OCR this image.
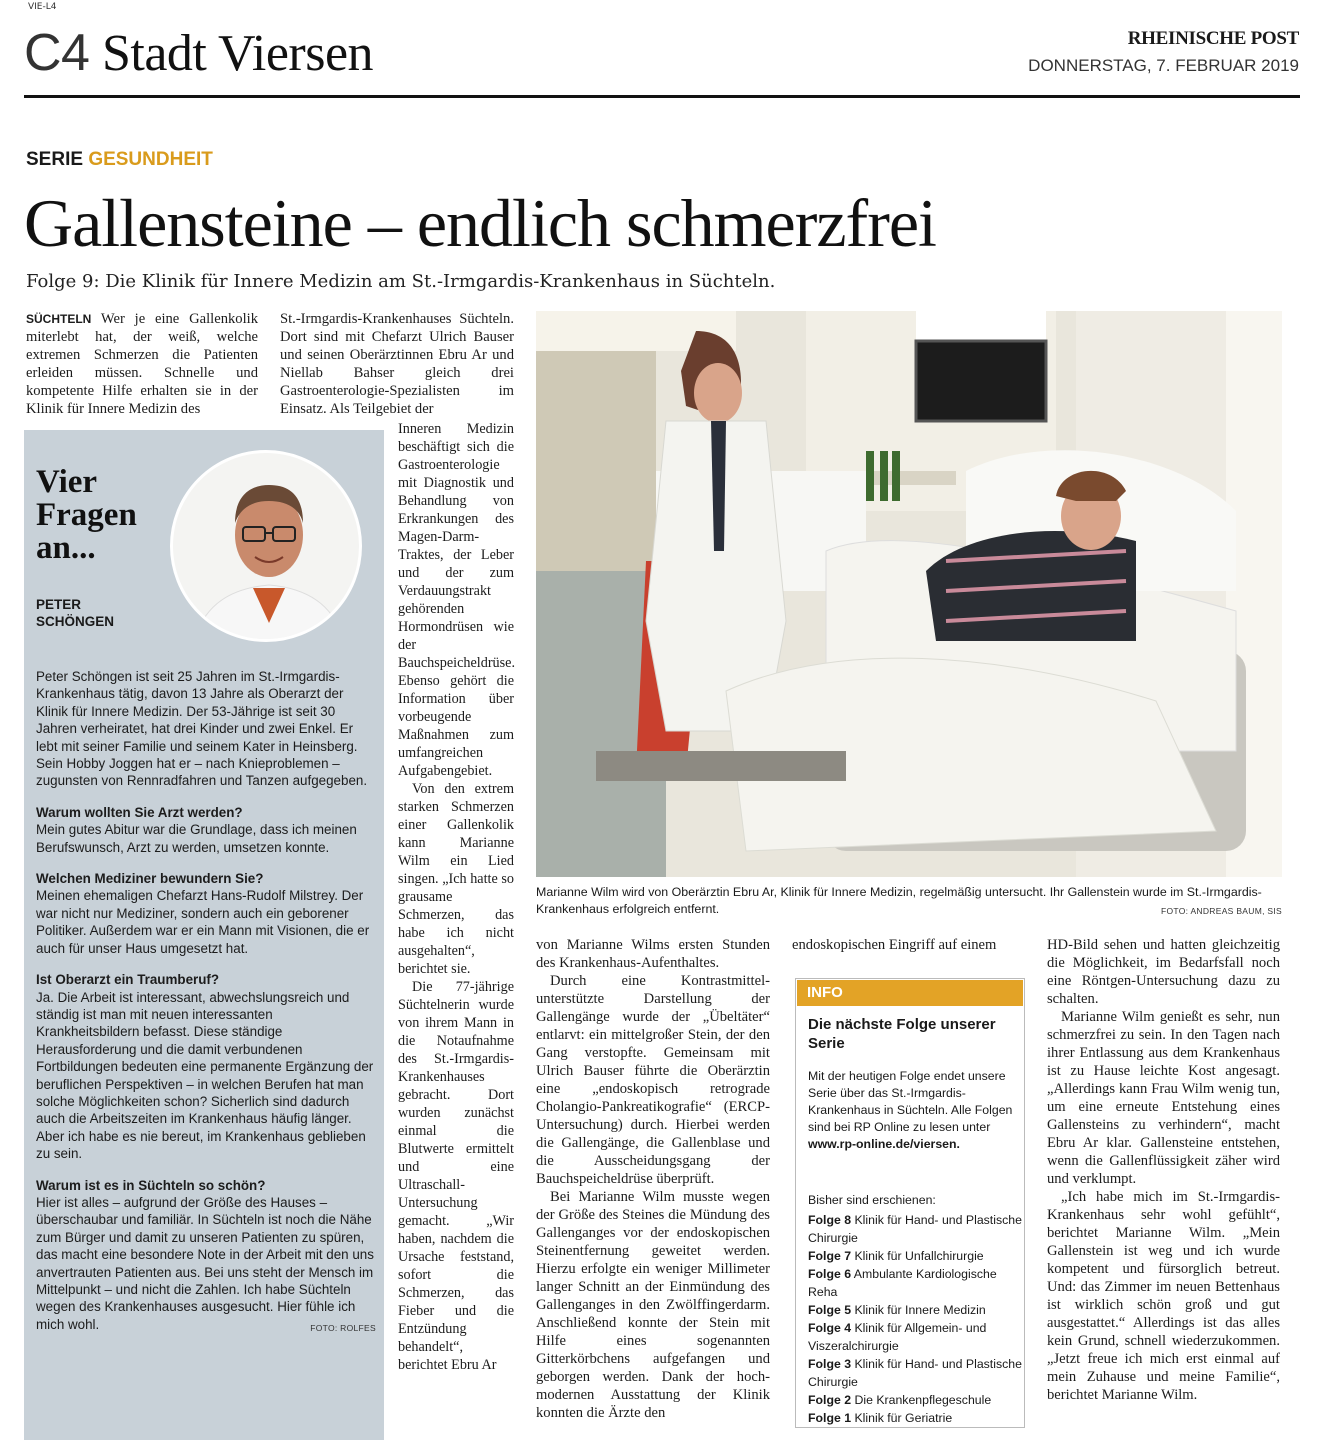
VIE-L4
C4 Stadt Viersen	RHEINISCHE POST
DONNERSTAG, 7. FEBRUAR 2019
SERIE GESUNDHEIT
Gallensteine – endlich schmerzfrei
Folge 9: Die Klinik für Innere Medizin am St.-Irmgardis-Krankenhaus in Süchteln.

SÜCHTELN Wer je eine Gallenkolik miterlebt hat, der weiß, welche extremen Schmerzen die Patienten erleiden müssen. Schnelle und kompetente Hilfe erhalten sie in der Klinik für Innere Medizin des

St.-Irmgardis-Krankenhauses Süchteln. Dort sind mit Chefarzt Ulrich Bauser und seinen Oberärztinnen Ebru Ar und Niellab Bahser gleich drei Gastroenterologie-Spezialisten im Einsatz. Als Teilgebiet der

Inneren Medizin beschäftigt sich die Gastroenterologie mit Diagnostik und Behandlung von Erkrankungen des Magen-Darm-Traktes, der Leber und der zum Verdauungstrakt gehörenden Hormondrüsen wie der Bauchspeicheldrüse. Ebenso gehört die Information über vorbeugende Maßnahmen zum umfangreichen Aufgabengebiet.

Von den extrem starken Schmerzen einer Gallenkolik kann Marianne Wilm ein Lied singen. „Ich hatte so grausame Schmerzen, das habe ich nicht ausgehalten“, berichtet sie.

Die 77-jährige Süchtelnerin wurde von ihrem Mann in die Notaufnahme des St.-Irmgardis-Krankenhauses gebracht. Dort wurden zunächst einmal die Blutwerte ermittelt und eine Ultraschall-Untersuchung gemacht. „Wir haben, nachdem die Ursache feststand, sofort die Schmerzen, das Fieber und die Entzündung behandelt“, berichtet Ebru Ar

Vier Fragen an...
PETER
SCHÖNGEN

Peter Schöngen ist seit 25 Jahren im St.-Irmgardis-Krankenhaus tätig, davon 13 Jahre als Oberarzt der Klinik für Innere Medizin. Der 53-Jährige ist seit 30 Jahren verheiratet, hat drei Kinder und zwei Enkel. Er lebt mit seiner Familie und seinem Kater in Heinsberg. Sein Hobby Joggen hat er – nach Knieproblemen – zugunsten von Rennradfahren und Tanzen aufgegeben.

Warum wollten Sie Arzt werden?

Mein gutes Abitur war die Grundlage, dass ich meinen Berufswunsch, Arzt zu werden, umsetzen konnte.

Welchen Mediziner bewundern Sie?

Meinen ehemaligen Chefarzt Hans-Rudolf Milstrey. Der war nicht nur Mediziner, sondern auch ein geborener Politiker. Außerdem war er ein Mann mit Visionen, die er auch für unser Haus umgesetzt hat.

Ist Oberarzt ein Traumberuf?

Ja. Die Arbeit ist interessant, abwechslungsreich und ständig ist man mit neuen interessanten Krankheitsbildern befasst. Diese ständige Herausforderung und die damit verbundenen Fortbildungen bedeuten eine permanente Ergänzung der beruflichen Perspektiven – in welchen Berufen hat man solche Möglichkeiten schon? Sicherlich sind dadurch auch die Arbeitszeiten im Krankenhaus häufig länger. Aber ich habe es nie bereut, im Krankenhaus geblieben zu sein.

Warum ist es in Süchteln so schön?

Hier ist alles – aufgrund der Größe des Hauses – überschaubar und familiär. In Süchteln ist noch die Nähe zum Bürger und damit zu unseren Patienten zu spüren, das macht eine besondere Note in der Arbeit mit den uns anvertrauten Patienten aus. Bei uns steht der Mensch im Mittelpunkt – und nicht die Zahlen. Ich habe Süchteln wegen des Krankenhauses ausgesucht. Hier fühle ich mich wohl.	FOTO: ROLFES

Marianne Wilm wird von Oberärztin Ebru Ar, Klinik für Innere Medizin, regelmäßig untersucht. Ihr Gallenstein wurde im St.-Irmgardis-Krankenhaus erfolgreich entfernt.	FOTO: ANDREAS BAUM, SIS

von Marianne Wilms ersten Stunden des Krankenhaus-Aufenthaltes.

Durch eine Kontrastmittel-unterstützte Darstellung der Gallengänge wurde der „Übeltäter“ entlarvt: ein mittelgroßer Stein, der den Gang verstopfte. Gemeinsam mit Ulrich Bauser führte die Oberärztin eine „endoskopisch retrograde Cholangio-Pankreatikografie“ (ERCP-Untersuchung) durch. Hierbei werden die Gallengänge, die Gallenblase und die Ausscheidungsgang der Bauchspeicheldrüse überprüft.

Bei Marianne Wilm musste wegen der Größe des Steines die Mündung des Gallenganges vor der endoskopischen Steinentfernung geweitet werden. Hierzu erfolgte ein weniger Millimeter langer Schnitt an der Einmündung des Gallenganges in den Zwölffingerdarm. Anschließend konnte der Stein mit Hilfe eines sogenannten Gitterkörbchens aufgefangen und geborgen werden. Dank der hoch-modernen Ausstattung der Klinik konnten die Ärzte den

endoskopischen Eingriff auf einem

INFO
Die nächste Folge unserer Serie
Mit der heutigen Folge endet unsere Serie über das St.-Irmgardis-Krankenhaus in Süchteln. Alle Folgen sind bei RP Online zu lesen unter www.rp-online.de/viersen.
Bisher sind erschienen:
Folge 8 Klinik für Hand- und Plastische Chirurgie
Folge 7 Klinik für Unfallchirurgie
Folge 6 Ambulante Kardiologische Reha
Folge 5 Klinik für Innere Medizin
Folge 4 Klinik für Allgemein- und Viszeralchirurgie
Folge 3 Klinik für Hand- und Plastische Chirurgie
Folge 2 Die Krankenpflegeschule
Folge 1 Klinik für Geriatrie

HD-Bild sehen und hatten gleichzeitig die Möglichkeit, im Bedarfsfall noch eine Röntgen-Untersuchung dazu zu schalten.

Marianne Wilm genießt es sehr, nun schmerzfrei zu sein. In den Tagen nach ihrer Entlassung aus dem Krankenhaus ist zu Hause leichte Kost angesagt. „Allerdings kann Frau Wilm wenig tun, um eine erneute Entstehung eines Gallensteins zu verhindern“, macht Ebru Ar klar. Gallensteine entstehen, wenn die Gallenflüssigkeit zäher wird und verklumpt.

„Ich habe mich im St.-Irmgardis-Krankenhaus sehr wohl gefühlt“, berichtet Marianne Wilm. „Mein Gallenstein ist weg und ich wurde kompetent und fürsorglich betreut. Und: das Zimmer im neuen Bettenhaus ist wirklich schön groß und gut ausgestattet.“ Allerdings ist das alles kein Grund, schnell wiederzukommen. „Jetzt freue ich mich erst einmal auf mein Zuhause und meine Familie“, berichtet Marianne Wilm.
